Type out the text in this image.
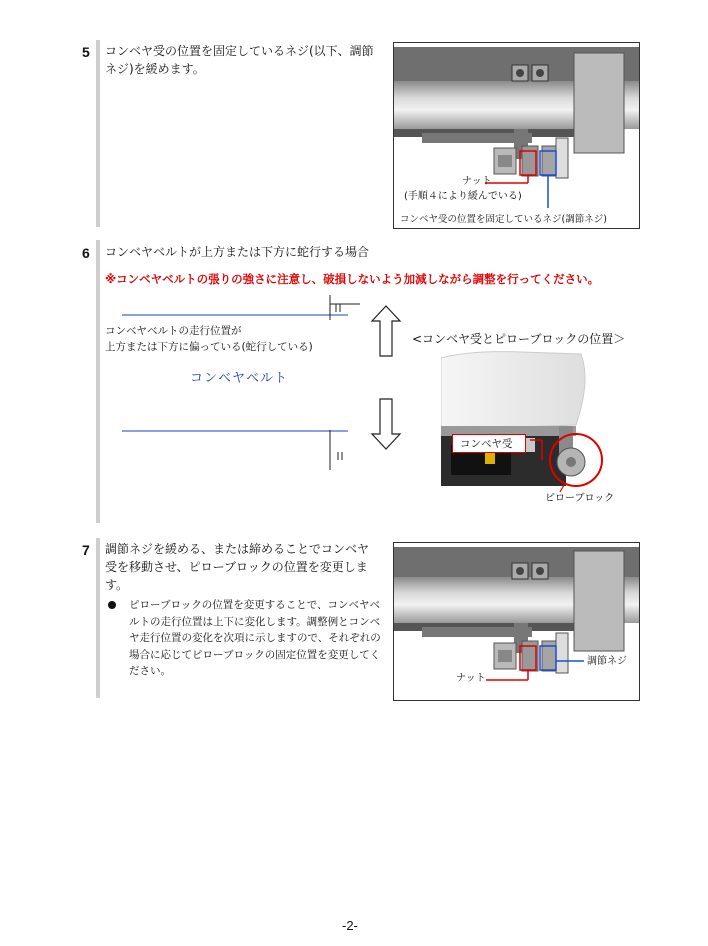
5 コンベヤ受の位置を固定しているネジ(以下、調節ネジ)を緩めます。
ナット
(手順４により緩んでいる)
コンベヤ受の位置を固定しているネジ(調節ネジ)
6 コンベヤベルトが上方または下方に蛇行する場合
※コンベヤベルトの張りの強さに注意し、破損しないよう加減しながら調整を行ってください。
コンベヤベルトの走行位置が
上方または下方に偏っている(蛇行している)
コンベヤベルト
<コンベヤ受とピローブロックの位置＞
コンベヤ受
ピローブロック
7 調節ネジを緩める、または締めることでコンベヤ受を移動させ、ピローブロックの位置を変更します。
ピローブロックの位置を変更することで、コンベヤベルトの走行位置は上下に変化します。調整例とコンベヤ走行位置の変化を次項に示しますので、それぞれの場合に応じてピローブロックの固定位置を変更してください。
調節ネジ
ナット
-2-
